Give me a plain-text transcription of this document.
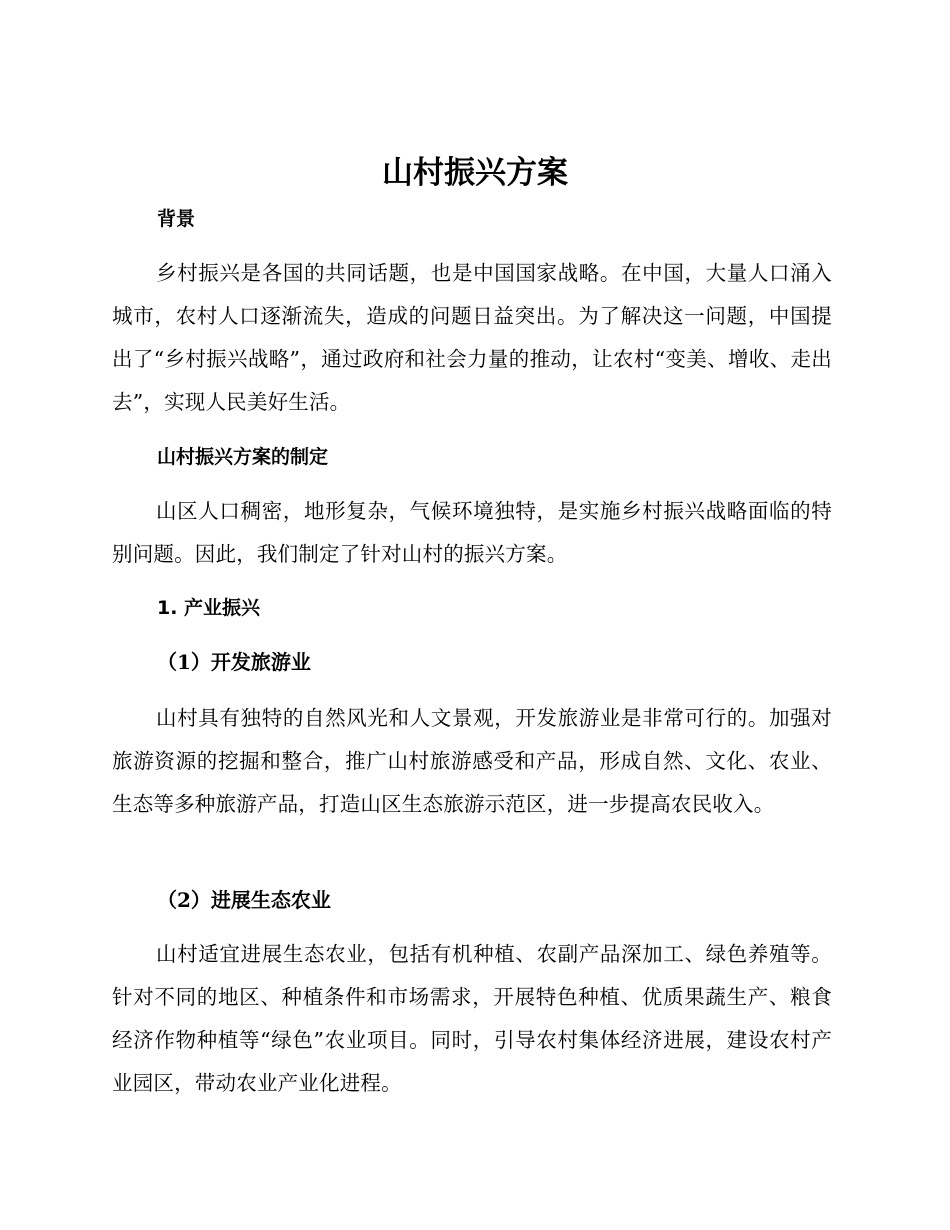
山村振兴方案
背景

乡村振兴是各国的共同话题，也是中国国家战略。在中国，大量人口涌入城市，农村人口逐渐流失，造成的问题日益突出。为了解决这一问题，中国提出了“乡村振兴战略”，通过政府和社会力量的推动，让农村“变美、增收、走出去”，实现人民美好生活。

山村振兴方案的制定

山区人口稠密，地形复杂，气候环境独特，是实施乡村振兴战略面临的特别问题。因此，我们制定了针对山村的振兴方案。

1. 产业振兴
（1）开发旅游业

山村具有独特的自然风光和人文景观，开发旅游业是非常可行的。加强对旅游资源的挖掘和整合，推广山村旅游感受和产品，形成自然、文化、农业、生态等多种旅游产品，打造山区生态旅游示范区，进一步提高农民收入。

（2）进展生态农业

山村适宜进展生态农业，包括有机种植、农副产品深加工、绿色养殖等。针对不同的地区、种植条件和市场需求，开展特色种植、优质果蔬生产、粮食经济作物种植等“绿色”农业项目。同时，引导农村集体经济进展，建设农村产业园区，带动农业产业化进程。
